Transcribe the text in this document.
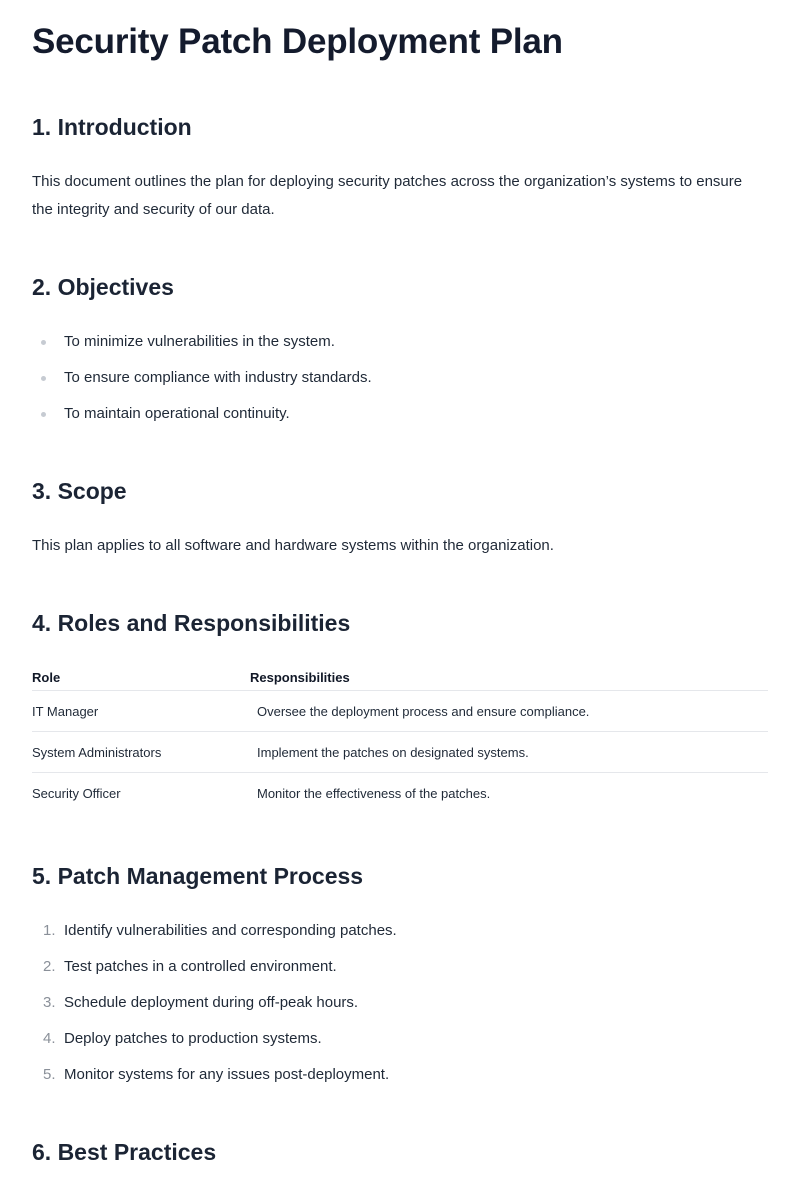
Security Patch Deployment Plan
1. Introduction

This document outlines the plan for deploying security patches across the organization’s systems to ensure the integrity and security of our data.

2. Objectives
To minimize vulnerabilities in the system.
To ensure compliance with industry standards.
To maintain operational continuity.
3. Scope

This plan applies to all software and hardware systems within the organization.

4. Roles and Responsibilities
Role	Responsibilities
IT Manager	Oversee the deployment process and ensure compliance.
System Administrators	Implement the patches on designated systems.
Security Officer	Monitor the effectiveness of the patches.
5. Patch Management Process
1. Identify vulnerabilities and corresponding patches.
2. Test patches in a controlled environment.
3. Schedule deployment during off-peak hours.
4. Deploy patches to production systems.
5. Monitor systems for any issues post-deployment.
6. Best Practices
